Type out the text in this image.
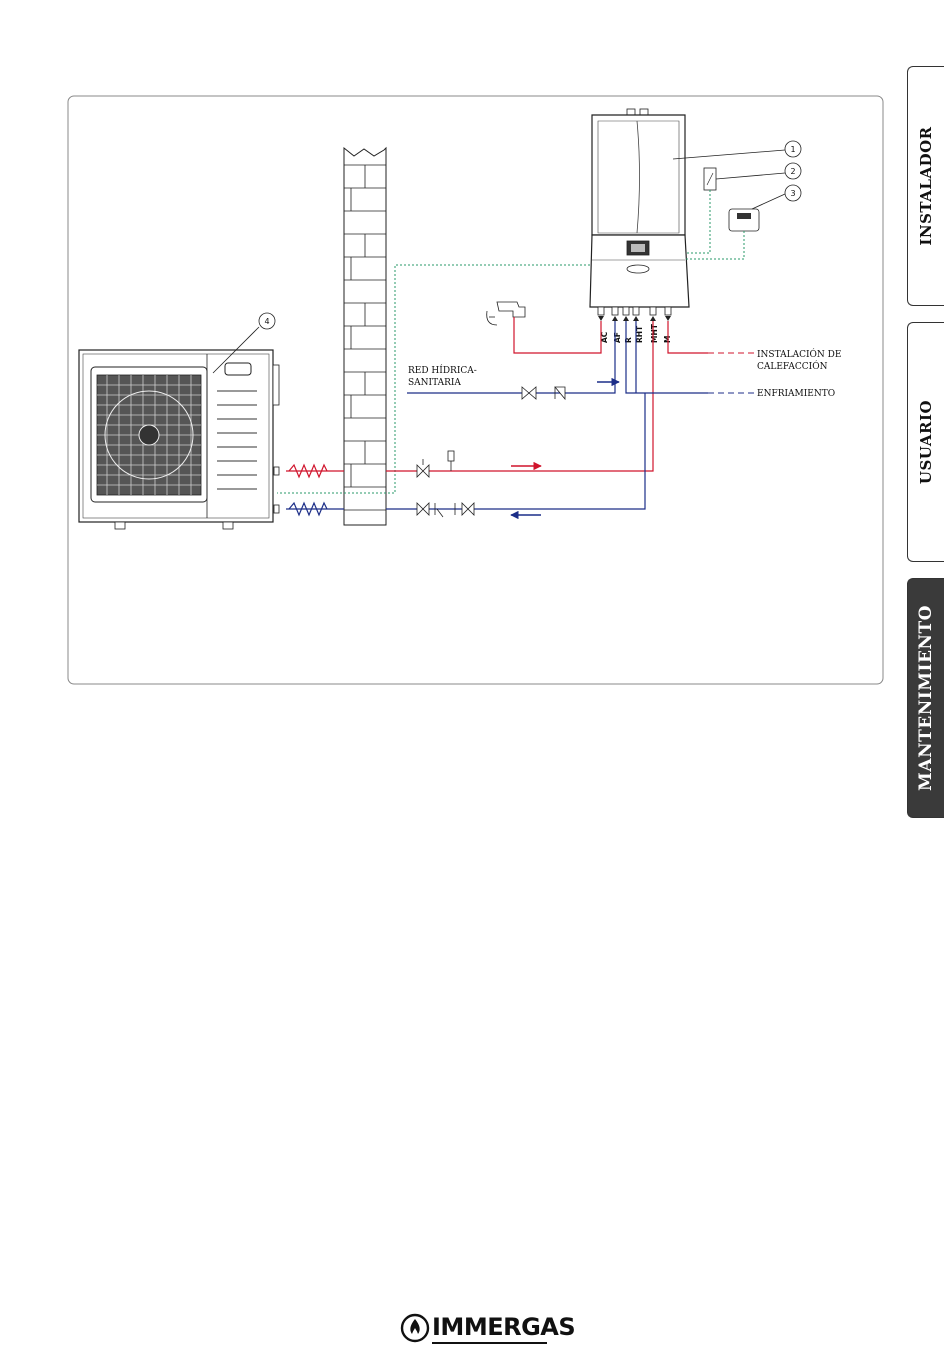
INSTALADOR
USUARIO
MANTENIMIENTO
4
AC AF R RHT MHT M
1
2
3
RED HÍDRICA-
SANITARIA
INSTALACIÓN DE
CALEFACCIÓN
ENFRIAMIENTO
IMMERGAS
